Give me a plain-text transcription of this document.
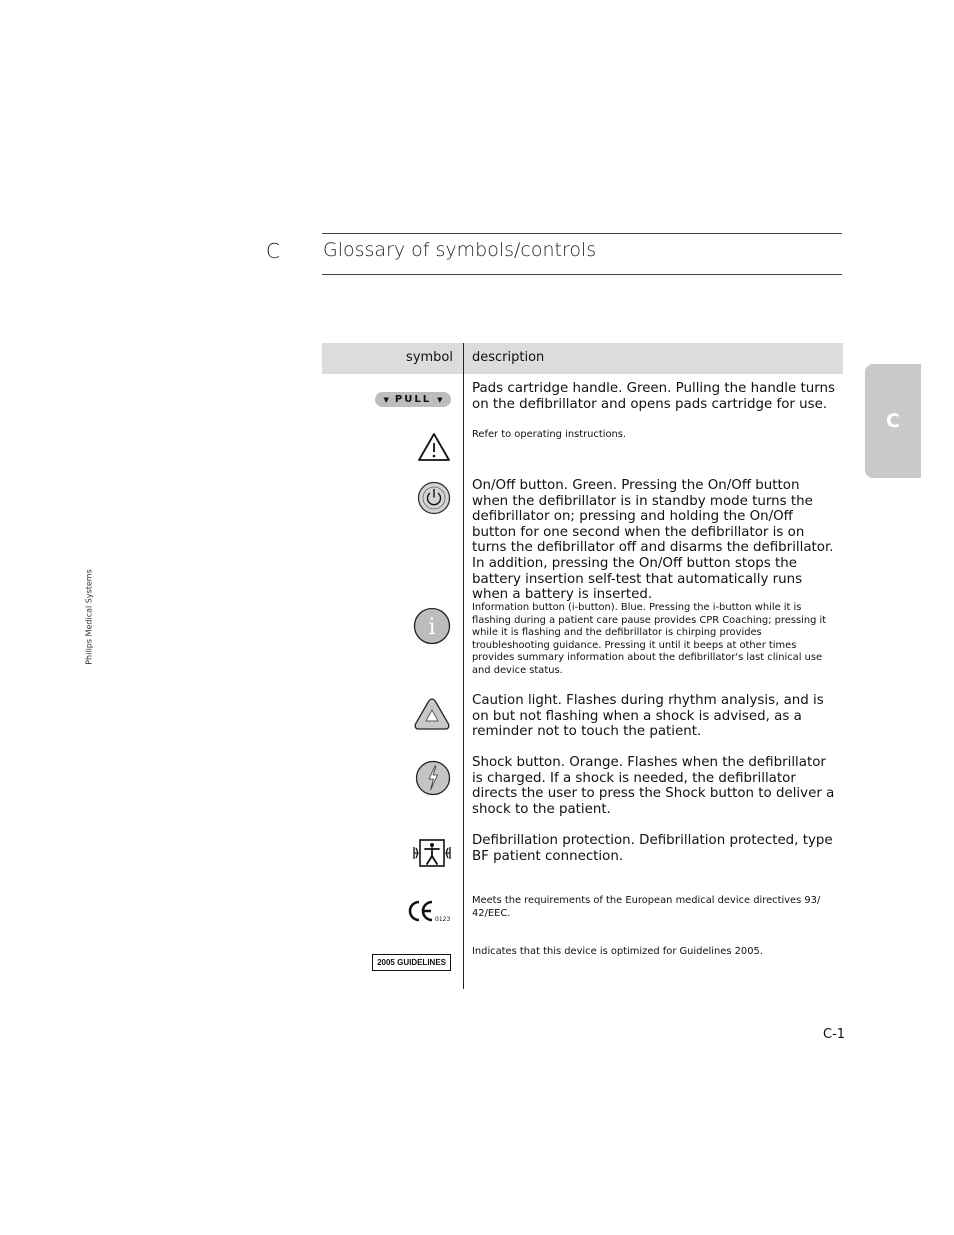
C Glossary of symbols/controls
C
Philips Medical Systems
symbol description
▼ PULL ▼
Pads cartridge handle. Green. Pulling the handle turns on the defibrillator and opens pads cartridge for use.
Refer to operating instructions.
On/Off button. Green. Pressing the On/Off button when the defibrillator is in standby mode turns the defibrillator on; pressing and holding the On/Off button for one second when the defibrillator is on turns the defibrillator off and disarms the defibrillator. In addition, pressing the On/Off button stops the battery insertion self-test that automatically runs when a battery is inserted.
i
Information button (i-button). Blue. Pressing the i-button while it is flashing during a patient care pause provides CPR Coaching; pressing it while it is flashing and the defibrillator is chirping provides troubleshooting guidance. Pressing it until it beeps at other times provides summary information about the defibrillator's last clinical use and device status.
Caution light. Flashes during rhythm analysis, and is on but not flashing when a shock is advised, as a reminder not to touch the patient.
Shock button. Orange. Flashes when the defibrillator is charged. If a shock is needed, the defibrillator directs the user to press the Shock button to deliver a shock to the patient.
Defibrillation protection. Defibrillation protected, type BF patient connection.
0123
Meets the requirements of the European medical device directives 93/ 42/EEC.
2005 GUIDELINES
Indicates that this device is optimized for Guidelines 2005.
C-1
